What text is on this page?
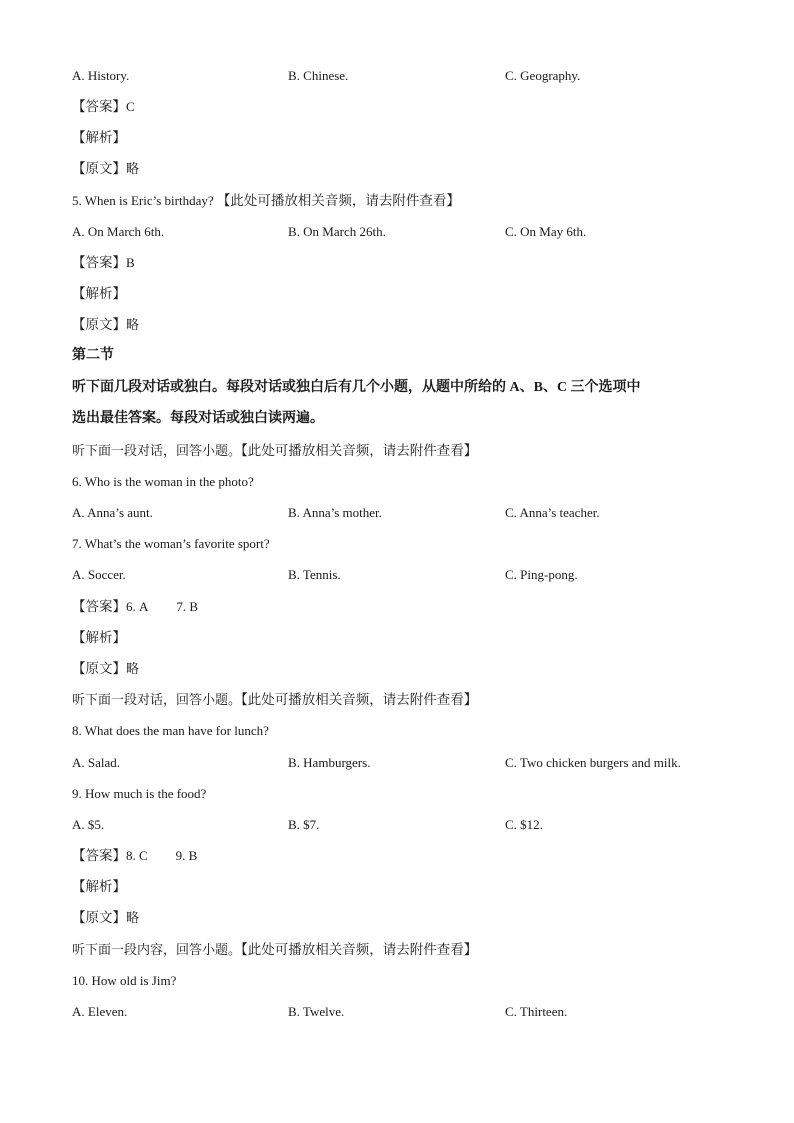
A. History.	B. Chinese.	C. Geography.
【答案】C
【解析】
【原文】略
5. When is Eric’s birthday? 【此处可播放相关音频，请去附件查看】
A. On March 6th.	B. On March 26th.	C. On May 6th.
【答案】B
【解析】
【原文】略
第二节
听下面几段对话或独白。每段对话或独白后有几个小题，从题中所给的 A、B、C 三个选项中
选出最佳答案。每段对话或独白读两遍。
听下面一段对话，回答小题。【此处可播放相关音频，请去附件查看】
6. Who is the woman in the photo?
A. Anna’s aunt.	B. Anna’s mother.	C. Anna’s teacher.
7. What’s the woman’s favorite sport?
A. Soccer.	B. Tennis.	C. Ping-pong.
【答案】6. A 7. B
【解析】
【原文】略
听下面一段对话，回答小题。【此处可播放相关音频，请去附件查看】
8. What does the man have for lunch?
A. Salad.	B. Hamburgers.	C. Two chicken burgers and milk.
9. How much is the food?
A. $5.	B. $7.	C. $12.
【答案】8. C 9. B
【解析】
【原文】略
听下面一段内容，回答小题。【此处可播放相关音频，请去附件查看】
10. How old is Jim?
A. Eleven.	B. Twelve.	C. Thirteen.
